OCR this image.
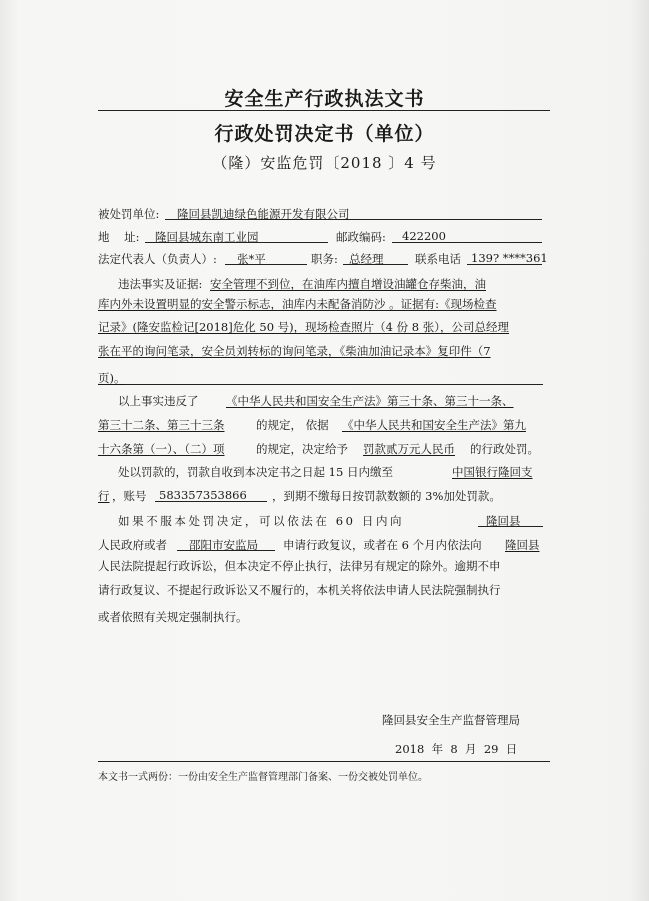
安全生产行政执法文书
行政处罚决定书（单位）
（隆）安监危罚〔2018 〕4 号
被处罚单位:	隆回县凯迪绿色能源开发有限公司
地    址:	隆回县城东南工业园	邮政编码:	422200
法定代表人（负责人）:	张*平	职务: 总经理	联系电话 139? ****361
违法事实及证据: 安全管理不到位，在油库内擅自增设油罐仓存柴油，油
库内外未设置明显的安全警示标志，油库内未配备消防沙 。证据有:《现场检查
记录》(隆安监检记[2018]危化 50 号)，现场检查照片（4 份 8 张），公司总经理
张在平的询问笔录，安全员刘转标的询问笔录，《柴油加油记录本》复印件（7
页)。
以上事实违反了 《中华人民共和国安全生产法》第三十条、第三十一条、
第三十二条、第三十三条	的规定， 依据 《中华人民共和国安全生产法》第九
十六条第（一）、（二）项	的规定，决定给予 罚款贰万元人民币 的行政处罚。
处以罚款的，罚款自收到本决定书之日起 15 日内缴至	中国银行隆回支
行 ，账号	583357353866	，到期不缴每日按罚款数额的 3%加处罚款。
如果不服本处罚决定，可以依法在 60 日内向	隆回县
人民政府或者	邵阳市安监局	申请行政复议，或者在 6 个月内依法向 隆回县
人民法院提起行政诉讼，但本决定不停止执行，法律另有规定的除外。逾期不申
请行政复议、不提起行政诉讼又不履行的，本机关将依法申请人民法院强制执行
或者依照有关规定强制执行。
隆回县安全生产监督管理局
2018  年  8  月  29  日
本文书一式两份：一份由安全生产监督管理部门备案、一份交被处罚单位。
